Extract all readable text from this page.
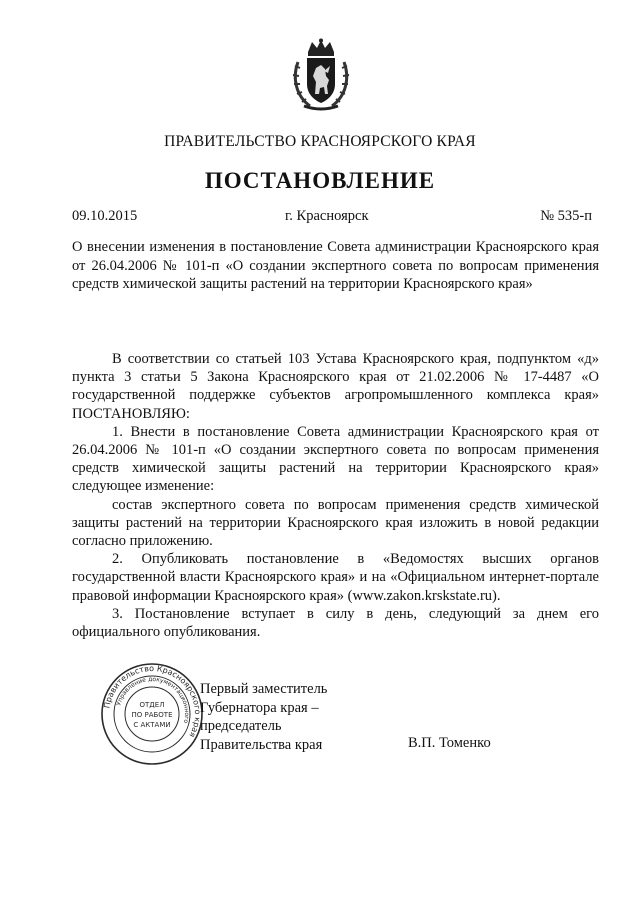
ПРАВИТЕЛЬСТВО КРАСНОЯРСКОГО КРАЯ
ПОСТАНОВЛЕНИЕ
09.10.2015	г. Красноярск	№ 535-п
О внесении изменения в постановление Совета администрации Красноярского края от 26.04.2006 № 101-п «О создании экспертного совета по вопросам применения средств химической защиты растений на территории Красноярского края»

В соответствии со статьей 103 Устава Красноярского края, подпунктом «д» пункта 3 статьи 5 Закона Красноярского края от 21.02.2006 № 17-4487 «О государственной поддержке субъектов агропромышленного комплекса края» ПОСТАНОВЛЯЮ:

1. Внести в постановление Совета администрации Красноярского края от 26.04.2006 № 101-п «О создании экспертного совета по вопросам применения средств химической защиты растений на территории Красноярского края» следующее изменение:

состав экспертного совета по вопросам применения средств химической защиты растений на территории Красноярского края изложить в новой редакции согласно приложению.

2. Опубликовать постановление в «Ведомостях высших органов государственной власти Красноярского края» и на «Официальном интернет-портале правовой информации Красноярского края» (www.zakon.krskstate.ru).

3. Постановление вступает в силу в день, следующий за днем его официального опубликования.

Правительство Красноярского края
Управление документационного
ОТДЕЛ
ПО РАБОТЕ
С АКТАМИ
Первый заместитель
Губернатора края –
председатель
Правительства края	В.П. Томенко
